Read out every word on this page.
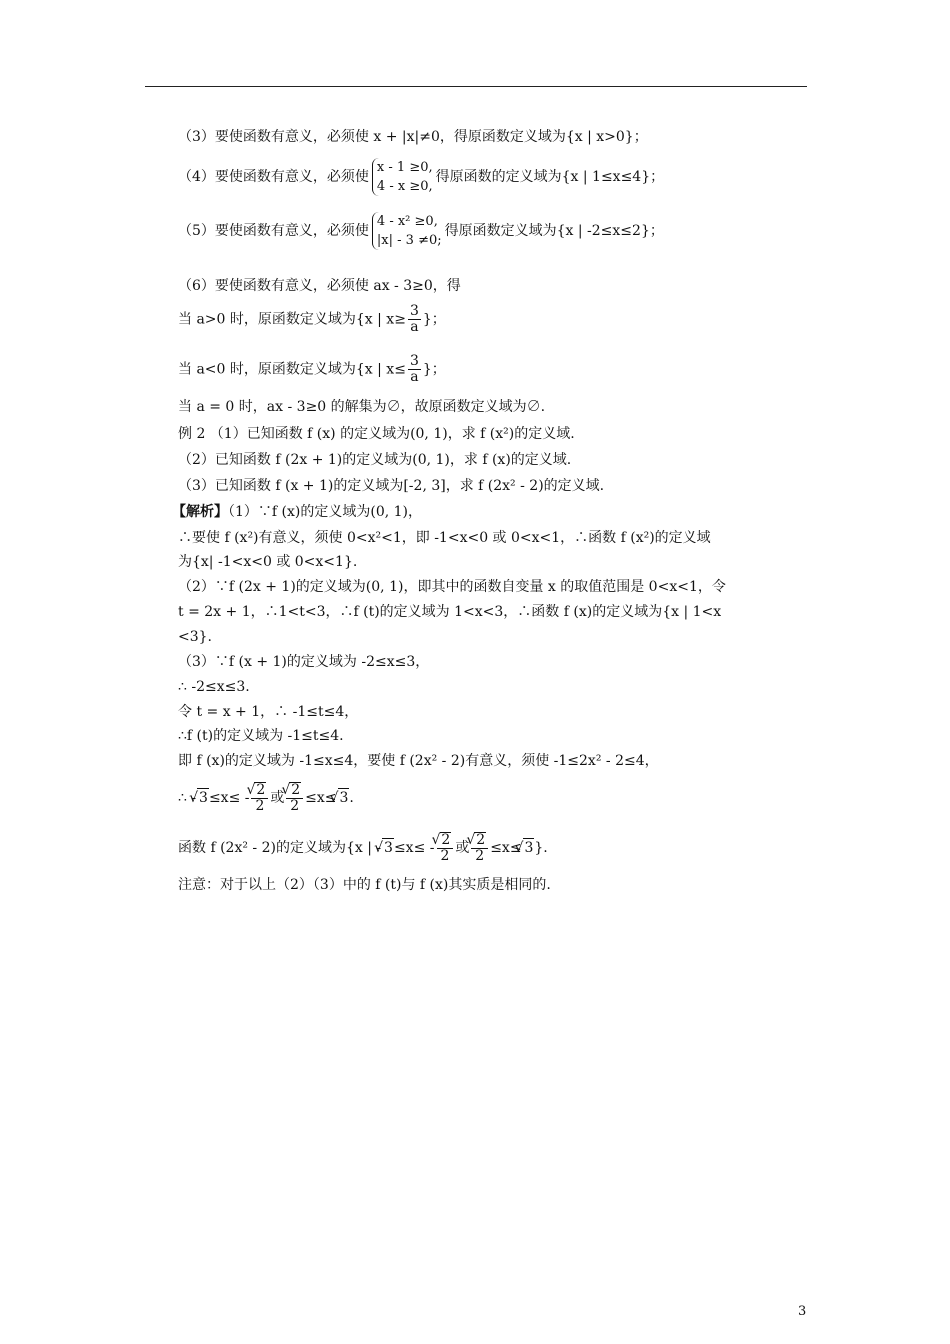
（3）要使函数有意义，必须使 x + |x|≠0，得原函数定义域为{x | x>0}；
（4）要使函数有意义，必须使
x - 1 ≥0,
4 - x ≥0,
得原函数的定义域为{x | 1≤x≤4}；
（5）要使函数有意义，必须使
4 - x² ≥0,
|x| - 3 ≠0;
得原函数定义域为{x | -2≤x≤2}；
（6）要使函数有意义，必须使 ax - 3≥0，得
当 a>0 时，原函数定义域为{x | $x\ge \frac{3}{a}$ }；
当 a<0 时，原函数定义域为{x | $x\le \frac{3}{a}$ }；
当 a = 0 时，ax - 3≥0 的解集为∅，故原函数定义域为∅.
例 2 （1）已知函数 f (x) 的定义域为(0, 1)，求 f (x²)的定义域.
（2）已知函数 f (2x + 1)的定义域为(0, 1)，求 f (x)的定义域.
（3）已知函数 f (x + 1)的定义域为[-2, 3]，求 f (2x² - 2)的定义域.
【解析】（1）∵f (x)的定义域为(0, 1)，
∴要使 f (x²)有意义，须使 0<x²<1，即 -1<x<0 或 0<x<1，∴函数 f (x²)的定义域
为{x| -1<x<0 或 0<x<1}.
（2）∵f (2x + 1)的定义域为(0, 1)，即其中的函数自变量 x 的取值范围是 0<x<1，令
t = 2x + 1，∴1<t<3，∴f (t)的定义域为 1<x<3，∴函数 f (x)的定义域为{x | 1<x
<3}.
（3）∵f (x + 1)的定义域为 -2≤x≤3，
∴ -2≤x≤3.
令 t = x + 1，∴ -1≤t≤4，
∴f (t)的定义域为 -1≤t≤4.
即 f (x)的定义域为 -1≤x≤4，要使 f (2x² - 2)有意义，须使 -1≤2x² - 2≤4，
∴ -√ 3≤x≤ -
√ $\frac{2}{2}$ 或
√ $\frac{2}{2} \le x\le√$ 3.
函数 f (2x² - 2)的定义域为{x | -√ 3≤x≤ -
√ $\frac{2}{2}$ 或
√ $\frac{2}{2} \le x\le√$ 3}.
注意：对于以上（2）（3）中的 f (t)与 f (x)其实质是相同的.
3
